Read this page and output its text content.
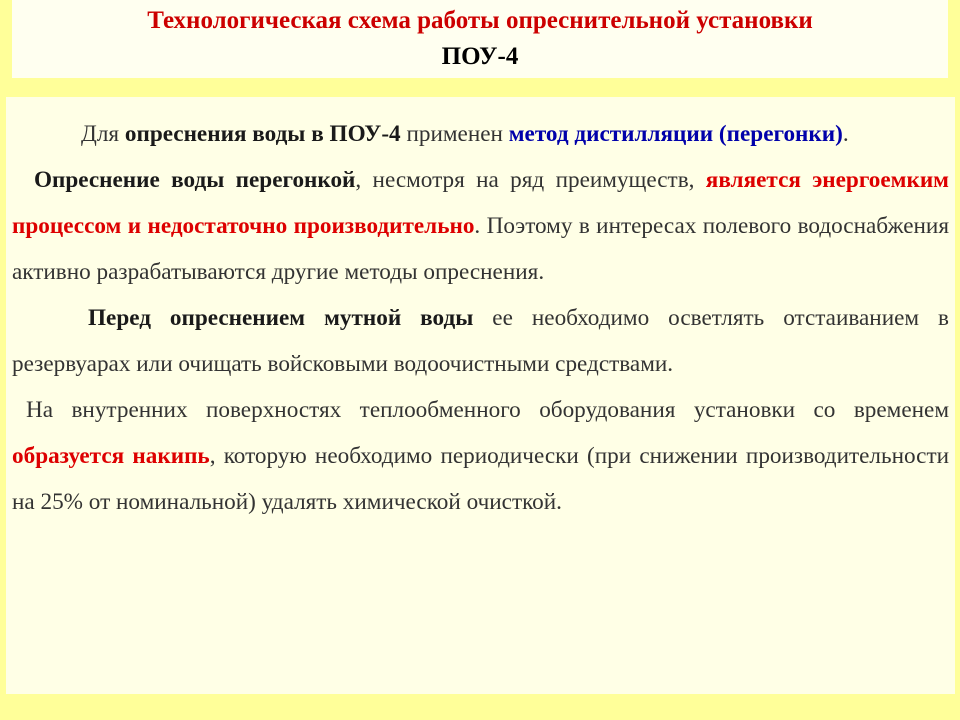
Технологическая схема работы опреснительной установки
ПОУ-4

Для опреснения воды в ПОУ-4 применен метод дистилляции (перегонки).

Опреснение воды перегонкой, несмотря на ряд преимуществ, является энергоемким процессом и недостаточно производительно. Поэтому в интересах полевого водоснабжения активно разрабатываются другие методы опреснения.

Перед опреснением мутной воды ее необходимо осветлять отстаиванием в резервуарах или очищать войсковыми водоочистными средствами.

На внутренних поверхностях теплообменного оборудования установки со временем образуется накипь, которую необходимо периодически (при снижении производительности на 25% от номинальной) удалять химической очисткой.
